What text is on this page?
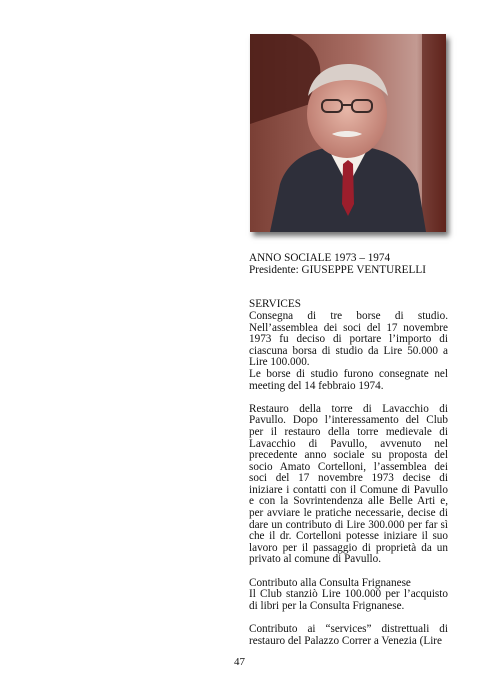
ANNO SOCIALE 1973 – 1974

Presidente: GIUSEPPE VENTURELLI

SERVICES

Consegna di tre borse di studio. Nell’assemblea dei soci del 17 novembre 1973 fu deciso di portare l’importo di ciascuna borsa di studio da Lire 50.000 a Lire 100.000.

Le borse di studio furono consegnate nel meeting del 14 febbraio 1974.

Restauro della torre di Lavacchio di Pavullo. Dopo l’interessamento del Club per il restauro della torre medievale di Lavacchio di Pavullo, avvenuto nel precedente anno sociale su proposta del socio Amato Cortelloni, l’assemblea dei soci del 17 novembre 1973 decise di iniziare i contatti con il Comune di Pavullo e con la Sovrintendenza alle Belle Arti e, per avviare le pratiche necessarie, decise di dare un contributo di Lire 300.000 per far sì che il dr. Cortelloni potesse iniziare il suo lavoro per il passaggio di proprietà da un privato al comune di Pavullo.

Contributo alla Consulta Frignanese

Il Club stanziò Lire 100.000 per l’acquisto di libri per la Consulta Frignanese.

Contributo ai “services” distrettuali di restauro del Palazzo Correr a Venezia (Lire

47
